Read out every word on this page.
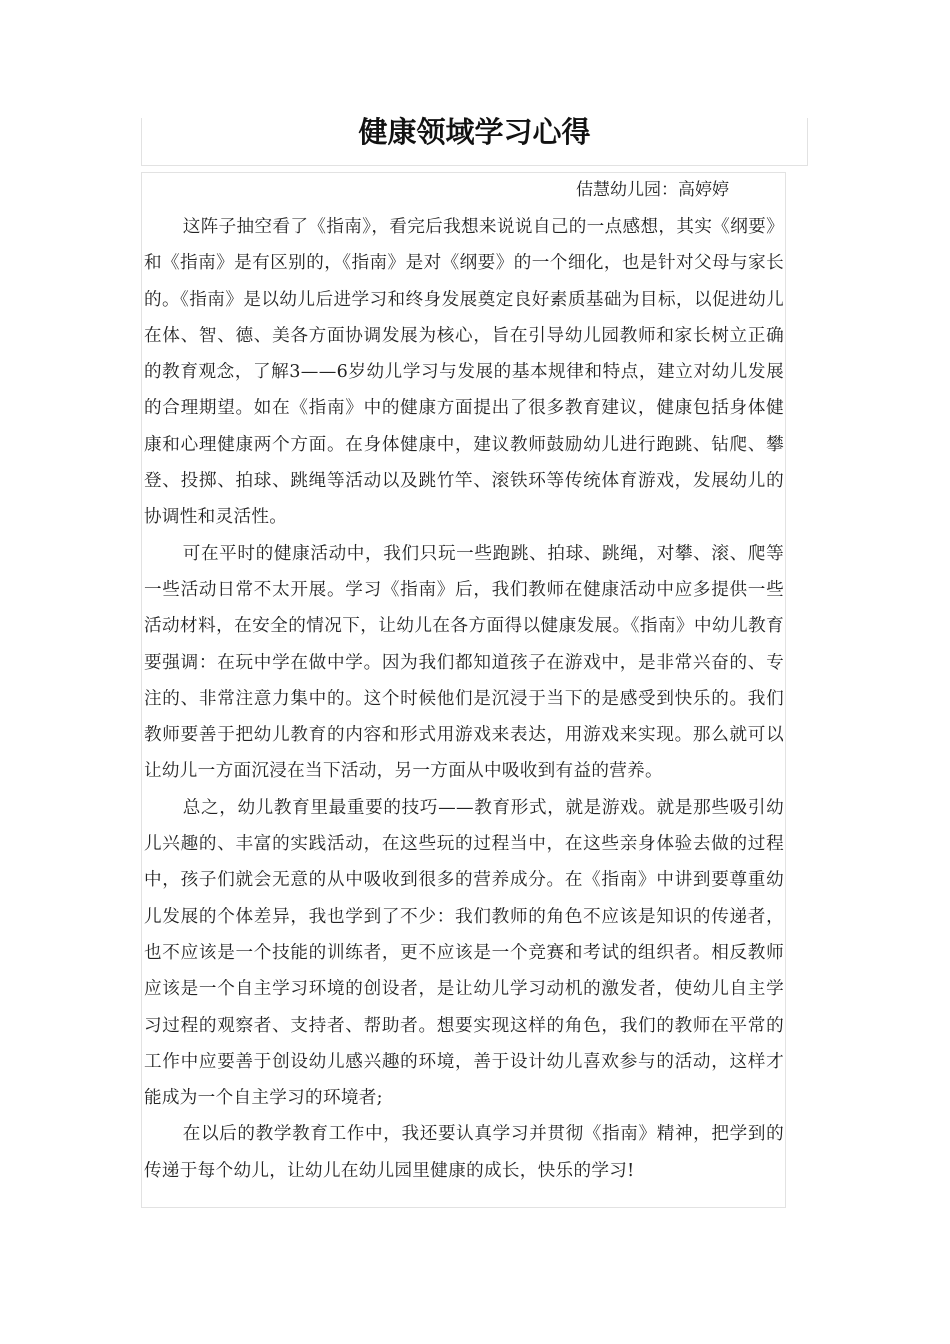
健康领域学习心得
佶慧幼儿园：高婷婷

这阵子抽空看了《指南》，看完后我想来说说自己的一点感想，其实《纲要》和《指南》是有区别的，《指南》是对《纲要》的一个细化，也是针对父母与家长的。《指南》是以幼儿后进学习和终身发展奠定良好素质基础为目标，以促进幼儿在体、智、德、美各方面协调发展为核心，旨在引导幼儿园教师和家长树立正确的教育观念，了解3——6岁幼儿学习与发展的基本规律和特点，建立对幼儿发展的合理期望。如在《指南》中的健康方面提出了很多教育建议，健康包括身体健康和心理健康两个方面。在身体健康中，建议教师鼓励幼儿进行跑跳、钻爬、攀登、投掷、拍球、跳绳等活动以及跳竹竿、滚铁环等传统体育游戏，发展幼儿的协调性和灵活性。

可在平时的健康活动中，我们只玩一些跑跳、拍球、跳绳，对攀、滚、爬等一些活动日常不太开展。学习《指南》后，我们教师在健康活动中应多提供一些活动材料，在安全的情况下，让幼儿在各方面得以健康发展。《指南》中幼儿教育要强调：在玩中学在做中学。因为我们都知道孩子在游戏中，是非常兴奋的、专注的、非常注意力集中的。这个时候他们是沉浸于当下的是感受到快乐的。我们教师要善于把幼儿教育的内容和形式用游戏来表达，用游戏来实现。那么就可以让幼儿一方面沉浸在当下活动，另一方面从中吸收到有益的营养。

总之，幼儿教育里最重要的技巧——教育形式，就是游戏。就是那些吸引幼儿兴趣的、丰富的实践活动，在这些玩的过程当中，在这些亲身体验去做的过程中，孩子们就会无意的从中吸收到很多的营养成分。在《指南》中讲到要尊重幼儿发展的个体差异，我也学到了不少：我们教师的角色不应该是知识的传递者，也不应该是一个技能的训练者，更不应该是一个竞赛和考试的组织者。相反教师应该是一个自主学习环境的创设者，是让幼儿学习动机的激发者，使幼儿自主学习过程的观察者、支持者、帮助者。想要实现这样的角色，我们的教师在平常的工作中应要善于创设幼儿感兴趣的环境，善于设计幼儿喜欢参与的活动，这样才能成为一个自主学习的环境者;

在以后的教学教育工作中，我还要认真学习并贯彻《指南》精神，把学到的传递于每个幼儿，让幼儿在幼儿园里健康的成长，快乐的学习!
